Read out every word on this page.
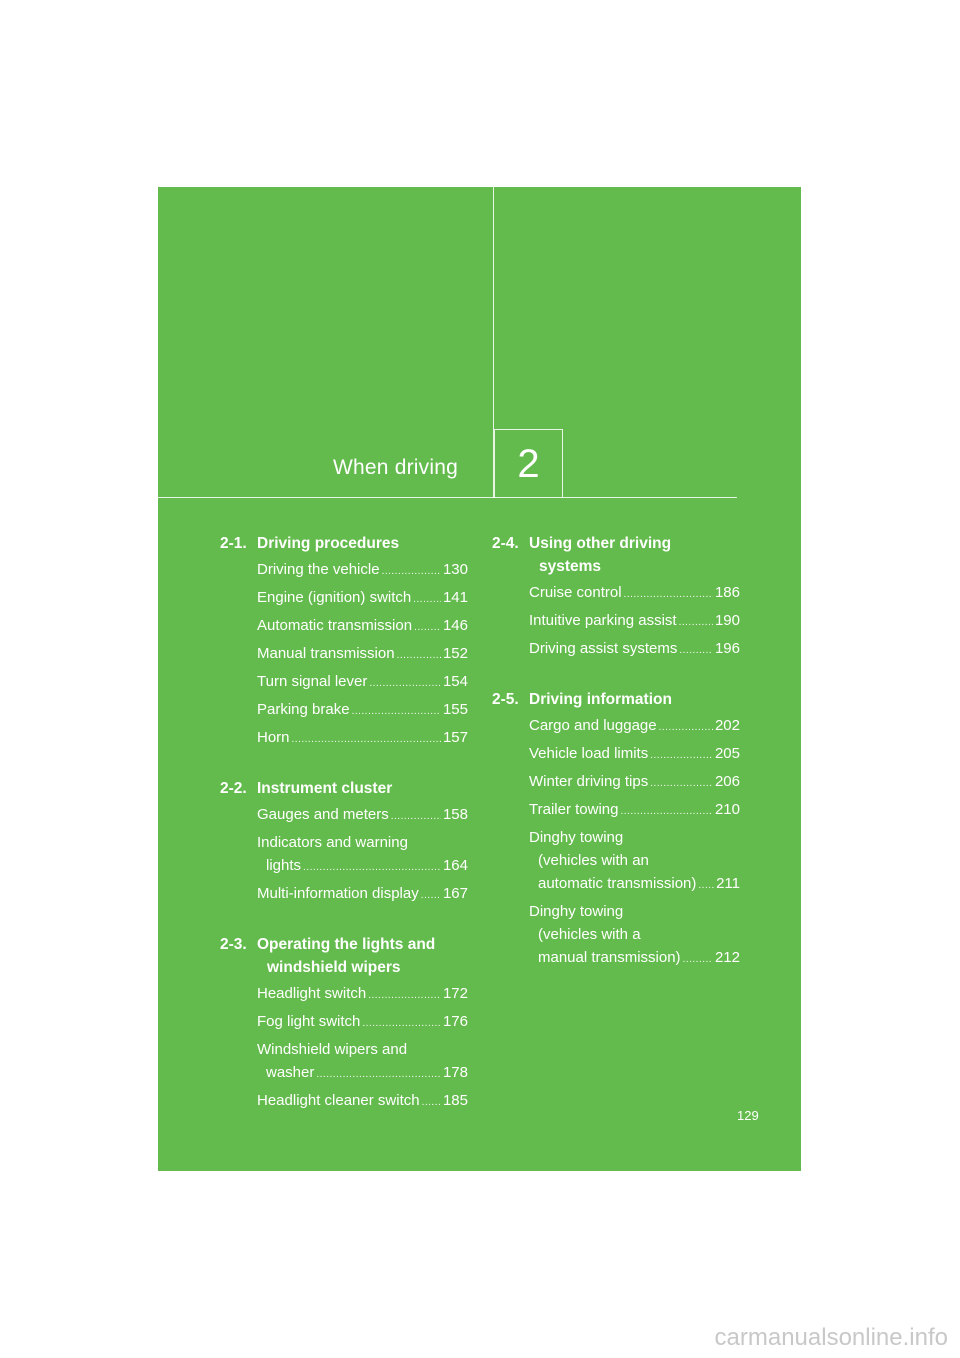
When driving 2
2-1. Driving procedures
Driving the vehicle .....	130
Engine (ignition) switch ..... 141
Automatic transmission ..... 146
Manual transmission .....	152
Turn signal lever .....	154
Parking brake .....	155
Horn .....	157
2-2. Instrument cluster
Gauges and meters .....	158
Indicators and warning
lights .....	164
Multi-information display ..... 167
2-3. Operating the lights and
windshield wipers
Headlight switch .....	172
Fog light switch .....	176
Windshield wipers and
washer .....	178
Headlight cleaner switch ..... 185
2-4. Using other driving
systems
Cruise control .....	186
Intuitive parking assist .....	190
Driving assist systems .....	196
2-5. Driving information
Cargo and luggage .....	202
Vehicle load limits .....	205
Winter driving tips .....	206
Trailer towing .....	210
Dinghy towing
(vehicles with an
automatic transmission) ..... 211
Dinghy towing
(vehicles with a
manual transmission) ..... 212
129
carmanualsonline.info
